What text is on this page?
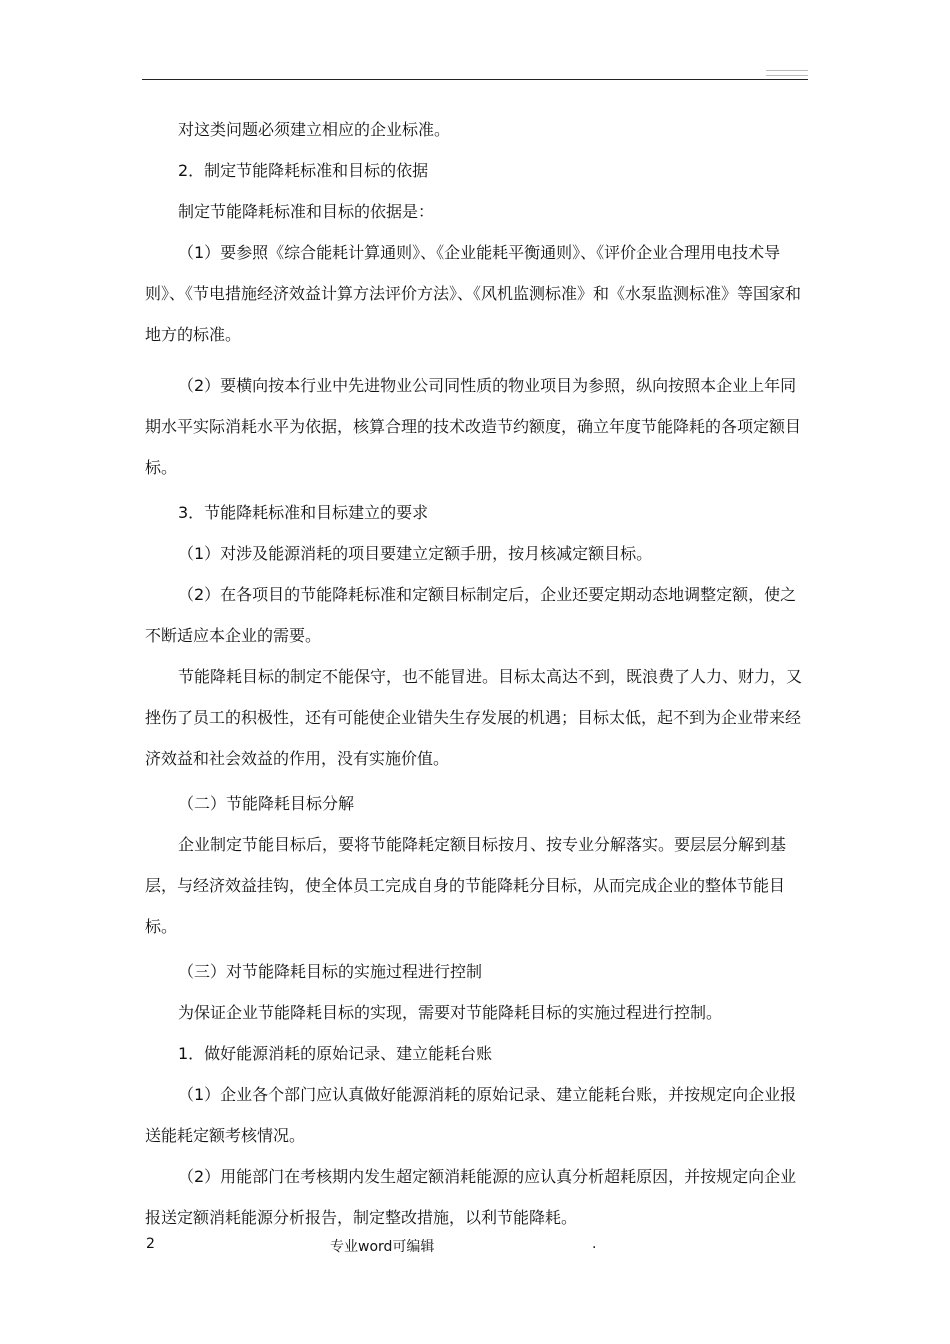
对这类问题必须建立相应的企业标准。

2．制定节能降耗标准和目标的依据

制定节能降耗标准和目标的依据是：

（1）要参照《综合能耗计算通则》、《企业能耗平衡通则》、《评价企业合理用电技术导则》、《节电措施经济效益计算方法评价方法》、《风机监测标准》和《水泵监测标准》等国家和地方的标准。

（2）要横向按本行业中先进物业公司同性质的物业项目为参照，纵向按照本企业上年同期水平实际消耗水平为依据，核算合理的技术改造节约额度，确立年度节能降耗的各项定额目标。

3．节能降耗标准和目标建立的要求

（1）对涉及能源消耗的项目要建立定额手册，按月核减定额目标。

（2）在各项目的节能降耗标准和定额目标制定后，企业还要定期动态地调整定额，使之不断适应本企业的需要。

节能降耗目标的制定不能保守，也不能冒进。目标太高达不到，既浪费了人力、财力，又挫伤了员工的积极性，还有可能使企业错失生存发展的机遇；目标太低，起不到为企业带来经济效益和社会效益的作用，没有实施价值。

（二）节能降耗目标分解

企业制定节能目标后，要将节能降耗定额目标按月、按专业分解落实。要层层分解到基层，与经济效益挂钩，使全体员工完成自身的节能降耗分目标，从而完成企业的整体节能目标。

（三）对节能降耗目标的实施过程进行控制

为保证企业节能降耗目标的实现，需要对节能降耗目标的实施过程进行控制。

1．做好能源消耗的原始记录、建立能耗台账

（1）企业各个部门应认真做好能源消耗的原始记录、建立能耗台账，并按规定向企业报送能耗定额考核情况。

（2）用能部门在考核期内发生超定额消耗能源的应认真分析超耗原因，并按规定向企业报送定额消耗能源分析报告，制定整改措施，以利节能降耗。

2	专业word可编辑	.
